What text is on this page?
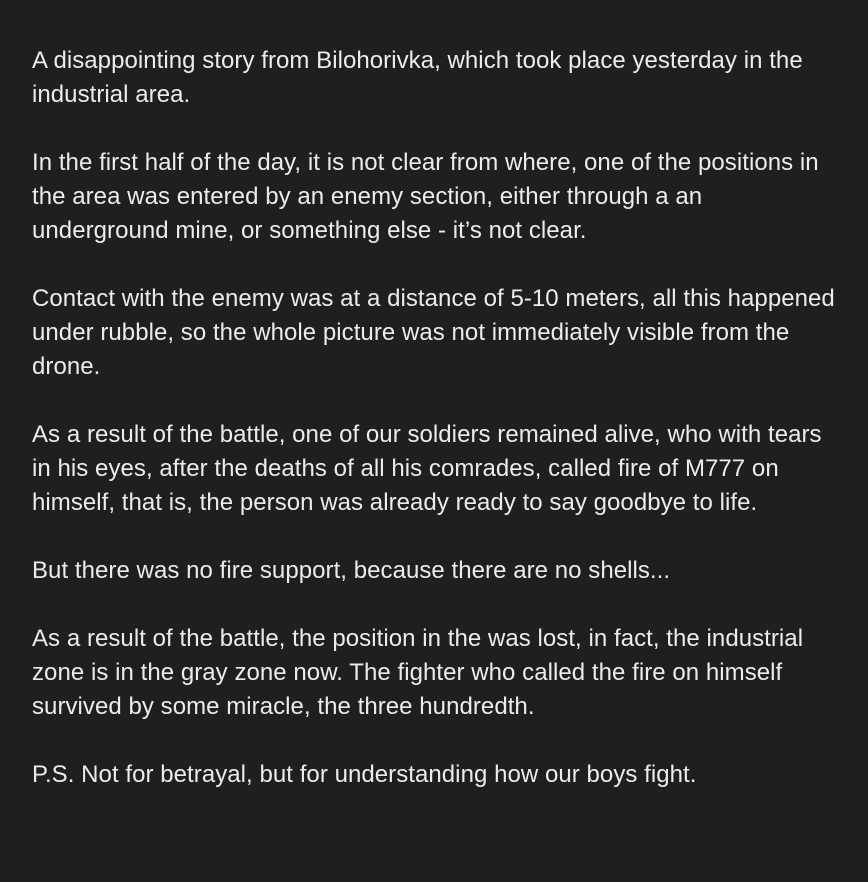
A disappointing story from Bilohorivka, which took place yesterday in the industrial area.

In the first half of the day, it is not clear from where, one of the positions in the area was entered by an enemy section, either through a an underground mine, or something else - it’s not clear.

Contact with the enemy was at a distance of 5-10 meters, all this happened under rubble, so the whole picture was not immediately visible from the drone.

As a result of the battle, one of our soldiers remained alive, who with tears in his eyes, after the deaths of all his comrades, called fire of M777 on himself, that is, the person was already ready to say goodbye to life.

But there was no fire support, because there are no shells...

As a result of the battle, the position in the was lost, in fact, the industrial zone is in the gray zone now. The fighter who called the fire on himself survived by some miracle, the three hundredth.

P.S. Not for betrayal, but for understanding how our boys fight.
